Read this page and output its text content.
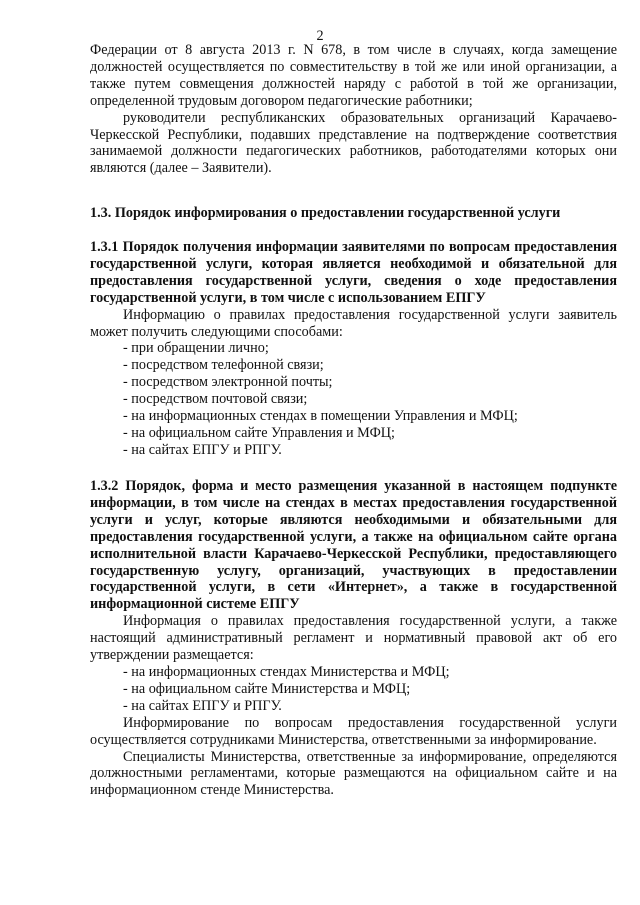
2

Федерации от 8 августа 2013 г. N 678, в том числе в случаях, когда замещение должностей осуществляется по совместительству в той же или иной организации, а также путем совмещения должностей наряду с работой в той же организации, определенной трудовым договором педагогические работники;

руководители республиканских образовательных организаций Карачаево-Черкесской Республики, подавших представление на подтверждение соответствия занимаемой должности педагогических работников, работодателями которых они являются (далее – Заявители).

1.3. Порядок информирования о предоставлении государственной услуги

1.3.1 Порядок получения информации заявителями по вопросам предоставления государственной услуги, которая является необходимой и обязательной для предоставления государственной услуги, сведения о ходе предоставления государственной услуги, в том числе с использованием ЕПГУ

Информацию о правилах предоставления государственной услуги заявитель может получить следующими способами:

- при обращении лично;

- посредством телефонной связи;

- посредством электронной почты;

- посредством почтовой связи;

- на информационных стендах в помещении Управления и МФЦ;

- на официальном сайте Управления и МФЦ;

- на сайтах ЕПГУ и РПГУ.

1.3.2 Порядок, форма и место размещения указанной в настоящем подпункте информации, в том числе на стендах в местах предоставления государственной услуги и услуг, которые являются необходимыми и обязательными для предоставления государственной услуги, а также на официальном сайте органа исполнительной власти Карачаево-Черкесской Республики, предоставляющего государственную услугу, организаций, участвующих в предоставлении государственной услуги, в сети «Интернет», а также в государственной информационной системе ЕПГУ

Информация о правилах предоставления государственной услуги, а также настоящий административный регламент и нормативный правовой акт об его утверждении размещается:

- на информационных стендах Министерства и МФЦ;

- на официальном сайте Министерства и МФЦ;

- на сайтах ЕПГУ и РПГУ.

Информирование по вопросам предоставления государственной услуги осуществляется сотрудниками Министерства, ответственными за информирование.

Специалисты Министерства, ответственные за информирование, определяются должностными регламентами, которые размещаются на официальном сайте и на информационном стенде Министерства.
